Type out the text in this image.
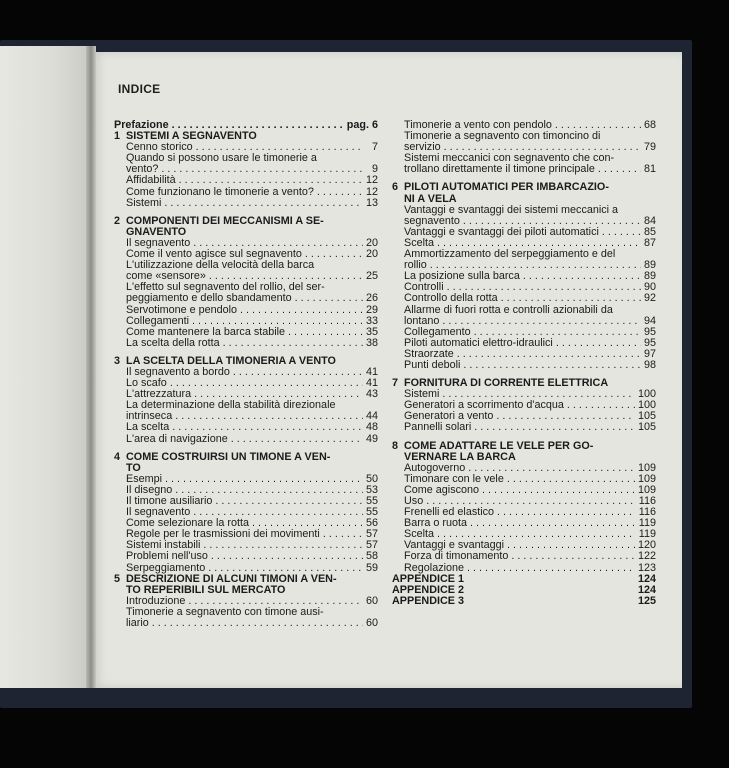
INDICE
Prefazione . . .	pag. 6
1 SISTEMI A SEGNAVENTO
Cenno storico . . .	7
Quando si possono usare le timonerie a
vento? . . .	9
Affidabilità . . .	12
Come funzionano le timonerie a vento? . . .	12
Sistemi . . .	13
2 COMPONENTI DEI MECCANISMI A SE-
GNAVENTO
Il segnavento . . .	20
Come il vento agisce sul segnavento . . .	20
L'utilizzazione della velocità della barca
come «sensore» . . .	25
L'effetto sul segnavento del rollio, del ser-
peggiamento e dello sbandamento . . .	26
Servotimone e pendolo . . .	29
Collegamenti . . .	33
Come mantenere la barca stabile . . .	35
La scelta della rotta . . .	38
3 LA SCELTA DELLA TIMONERIA A VENTO
Il segnavento a bordo . . .	41
Lo scafo . . .	41
L'attrezzatura . . .	43
La determinazione della stabilità direzionale
intrinseca . . .	44
La scelta . . .	48
L'area di navigazione . . .	49
4 COME COSTRUIRSI UN TIMONE A VEN-
TO
Esempi . . .	50
Il disegno . . .	53
Il timone ausiliario . . .	55
Il segnavento . . .	55
Come selezionare la rotta . . .	56
Regole per le trasmissioni dei movimenti . . .	57
Sistemi instabili . . .	57
Problemi nell'uso . . .	58
Serpeggiamento . . .	59
5 DESCRIZIONE DI ALCUNI TIMONI A VEN-
TO REPERIBILI SUL MERCATO
Introduzione . . .	60
Timonerie a segnavento con timone ausi-
liario . . .	60
Timonerie a vento con pendolo . . .	68
Timonerie a segnavento con timoncino di
servizio . . .	79
Sistemi meccanici con segnavento che con-
trollano direttamente il timone principale . . .	81
6 PILOTI AUTOMATICI PER IMBARCAZIO-
NI A VELA
Vantaggi e svantaggi dei sistemi meccanici a
segnavento . . .	84
Vantaggi e svantaggi dei piloti automatici . . .	85
Scelta . . .	87
Ammortizzamento del serpeggiamento e del
rollio . . .	89
La posizione sulla barca . . .	89
Controlli . . .	90
Controllo della rotta . . .	92
Allarme di fuori rotta e controlli azionabili da
lontano . . .	94
Collegamento . . .	95
Piloti automatici elettro-idraulici . . .	95
Straorzate . . .	97
Punti deboli . . .	98
7 FORNITURA DI CORRENTE ELETTRICA
Sistemi . . .	100
Generatori a scorrimento d'acqua . . .	100
Generatori a vento . . .	105
Pannelli solari . . .	105
8 COME ADATTARE LE VELE PER GO-
VERNARE LA BARCA
Autogoverno . . .	109
Timonare con le vele . . .	109
Come agiscono . . .	109
Uso . . .	116
Frenelli ed elastico . . .	116
Barra o ruota . . .	119
Scelta . . .	119
Vantaggi e svantaggi . . .	120
Forza di timonamento . . .	122
Regolazione . . .	123
APPENDICE 1	124
APPENDICE 2	124
APPENDICE 3	125
